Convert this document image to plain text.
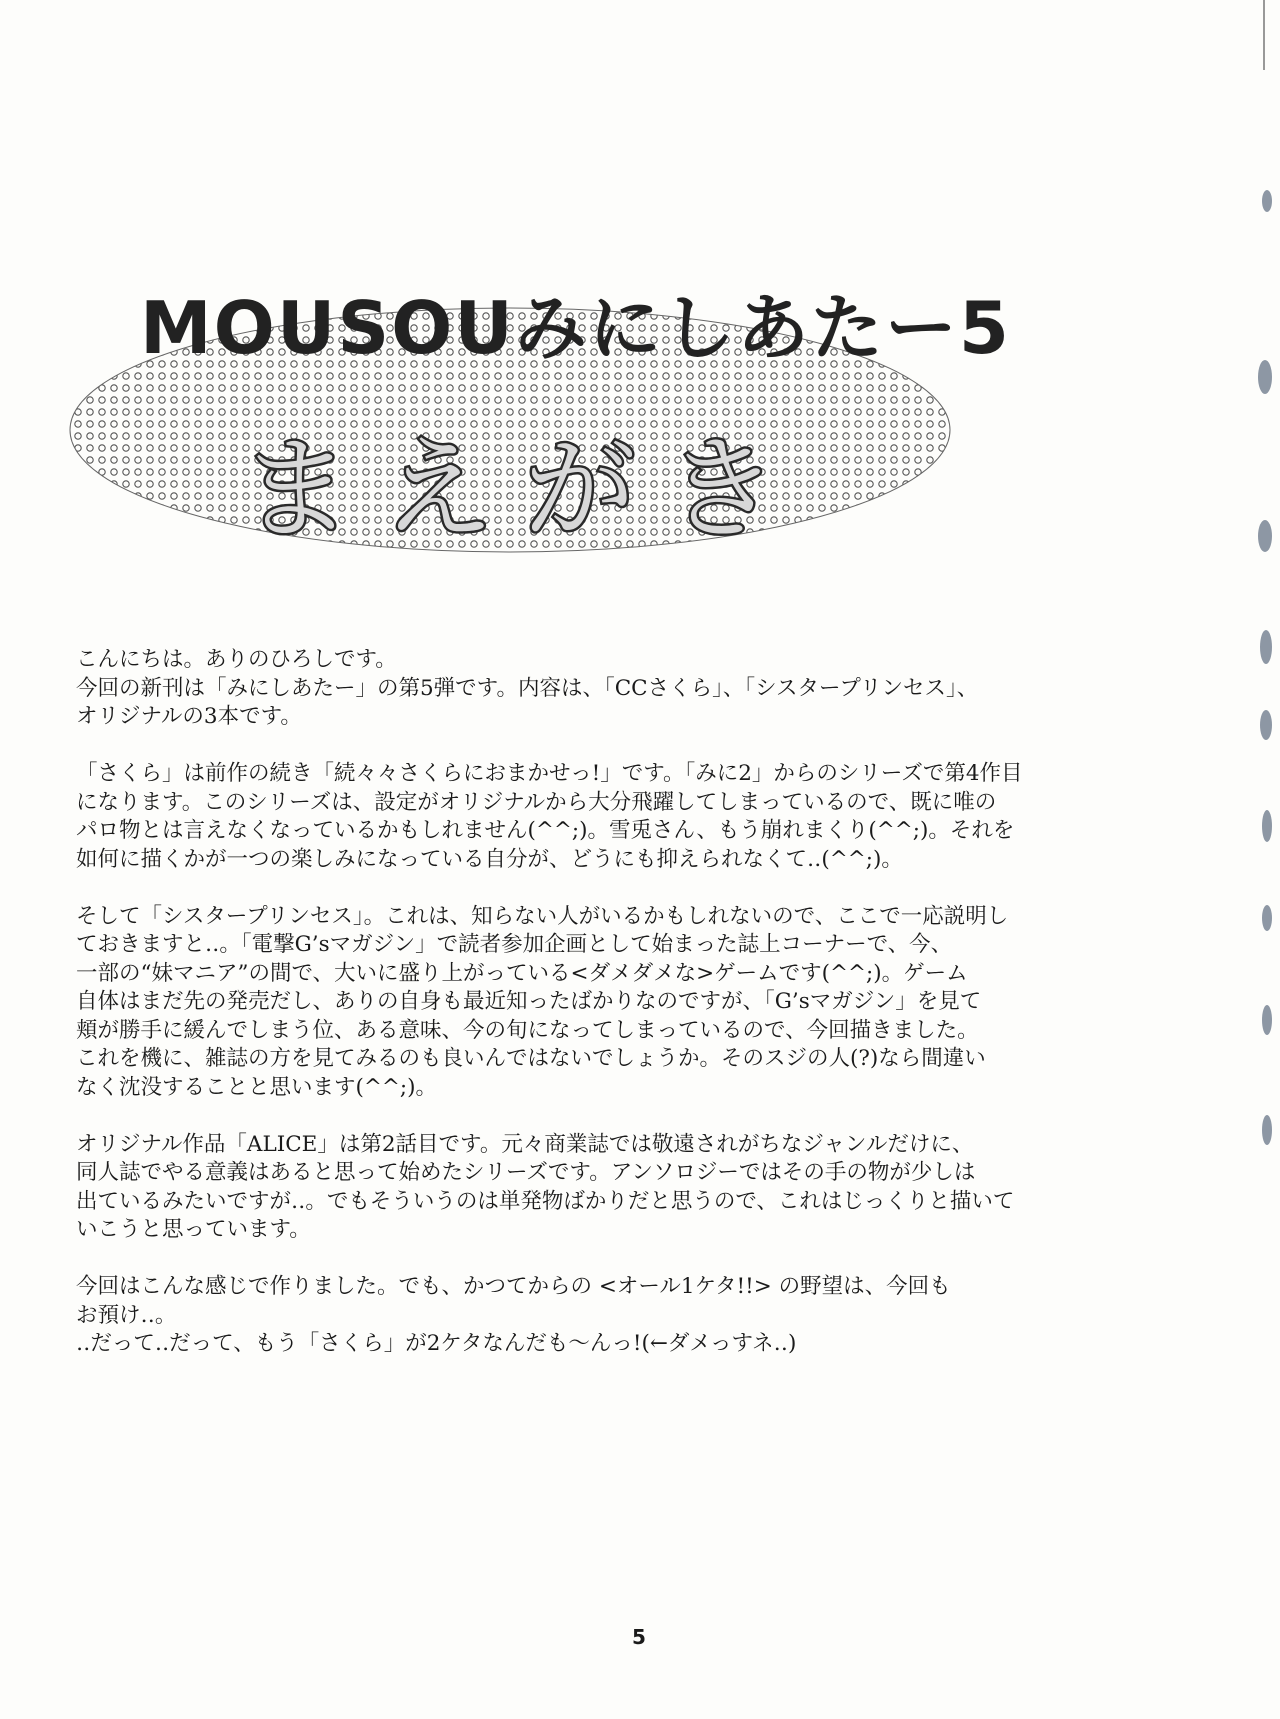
MOUSOUみにしあたー5
まえがき

こんにちは。ありのひろしです。
今回の新刊は「みにしあたー」の第5弾です。内容は、「CCさくら」、「シスタープリンセス」、
オリジナルの3本です。

「さくら」は前作の続き「続々々さくらにおまかせっ!」です。「みに2」からのシリーズで第4作目
になります。このシリーズは、設定がオリジナルから大分飛躍してしまっているので、既に唯の
パロ物とは言えなくなっているかもしれません(^^;)。雪兎さん、もう崩れまくり(^^;)。それを
如何に描くかが一つの楽しみになっている自分が、どうにも抑えられなくて‥(^^;)。

そして「シスタープリンセス」。これは、知らない人がいるかもしれないので、ここで一応説明し
ておきますと‥。「電撃G’sマガジン」で読者参加企画として始まった誌上コーナーで、今、
一部の“妹マニア”の間で、大いに盛り上がっている<ダメダメな>ゲームです(^^;)。ゲーム
自体はまだ先の発売だし、ありの自身も最近知ったばかりなのですが、「G’sマガジン」を見て
頬が勝手に緩んでしまう位、ある意味、今の旬になってしまっているので、今回描きました。
これを機に、雑誌の方を見てみるのも良いんではないでしょうか。そのスジの人(?)なら間違い
なく沈没することと思います(^^;)。

オリジナル作品「ALICE」は第2話目です。元々商業誌では敬遠されがちなジャンルだけに、
同人誌でやる意義はあると思って始めたシリーズです。アンソロジーではその手の物が少しは
出ているみたいですが‥。でもそういうのは単発物ばかりだと思うので、これはじっくりと描いて
いこうと思っています。

今回はこんな感じで作りました。でも、かつてからの <オール1ケタ!!> の野望は、今回も
お預け‥。
‥だって‥だって、もう「さくら」が2ケタなんだも〜んっ!(←ダメっすネ‥)

5
